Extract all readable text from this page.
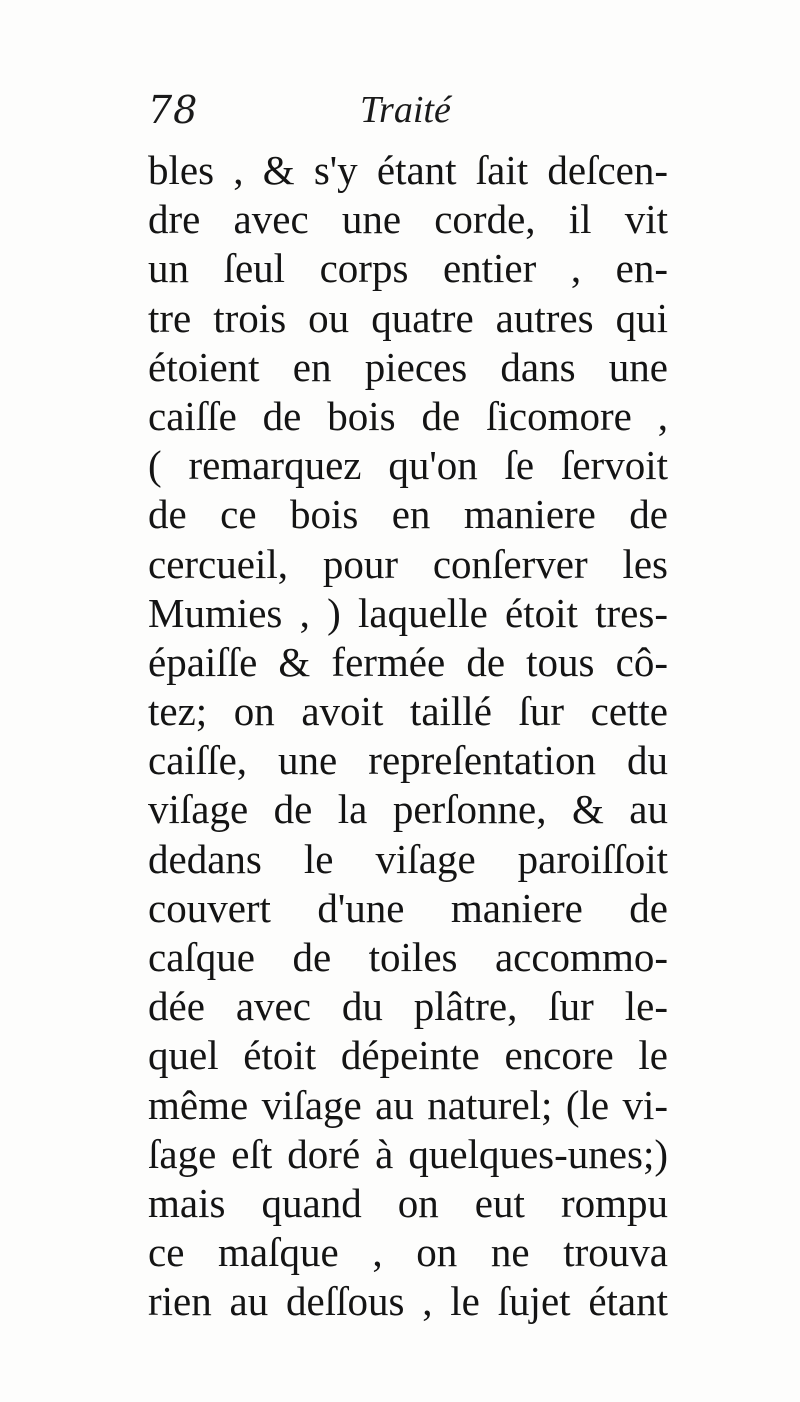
78	Traité
bles , & s'y étant ſait deſcen-
dre avec une corde, il vit
un ſeul corps entier , en-
tre trois ou quatre autres qui
étoient en pieces dans une
caiſſe de bois de ſicomore ,
( remarquez qu'on ſe ſervoit
de ce bois en maniere de
cercueil, pour conſerver les
Mumies , ) laquelle étoit tres-
épaiſſe & fermée de tous cô-
tez; on avoit taillé ſur cette
caiſſe, une repreſentation du
viſage de la perſonne, & au
dedans le viſage paroiſſoit
couvert d'une maniere de
caſque de toiles accommo-
dée avec du plâtre, ſur le-
quel étoit dépeinte encore le
même viſage au naturel; (le vi-
ſage eſt doré à quelques-unes;)
mais quand on eut rompu
ce maſque , on ne trouva
rien au deſſous , le ſujet étant
